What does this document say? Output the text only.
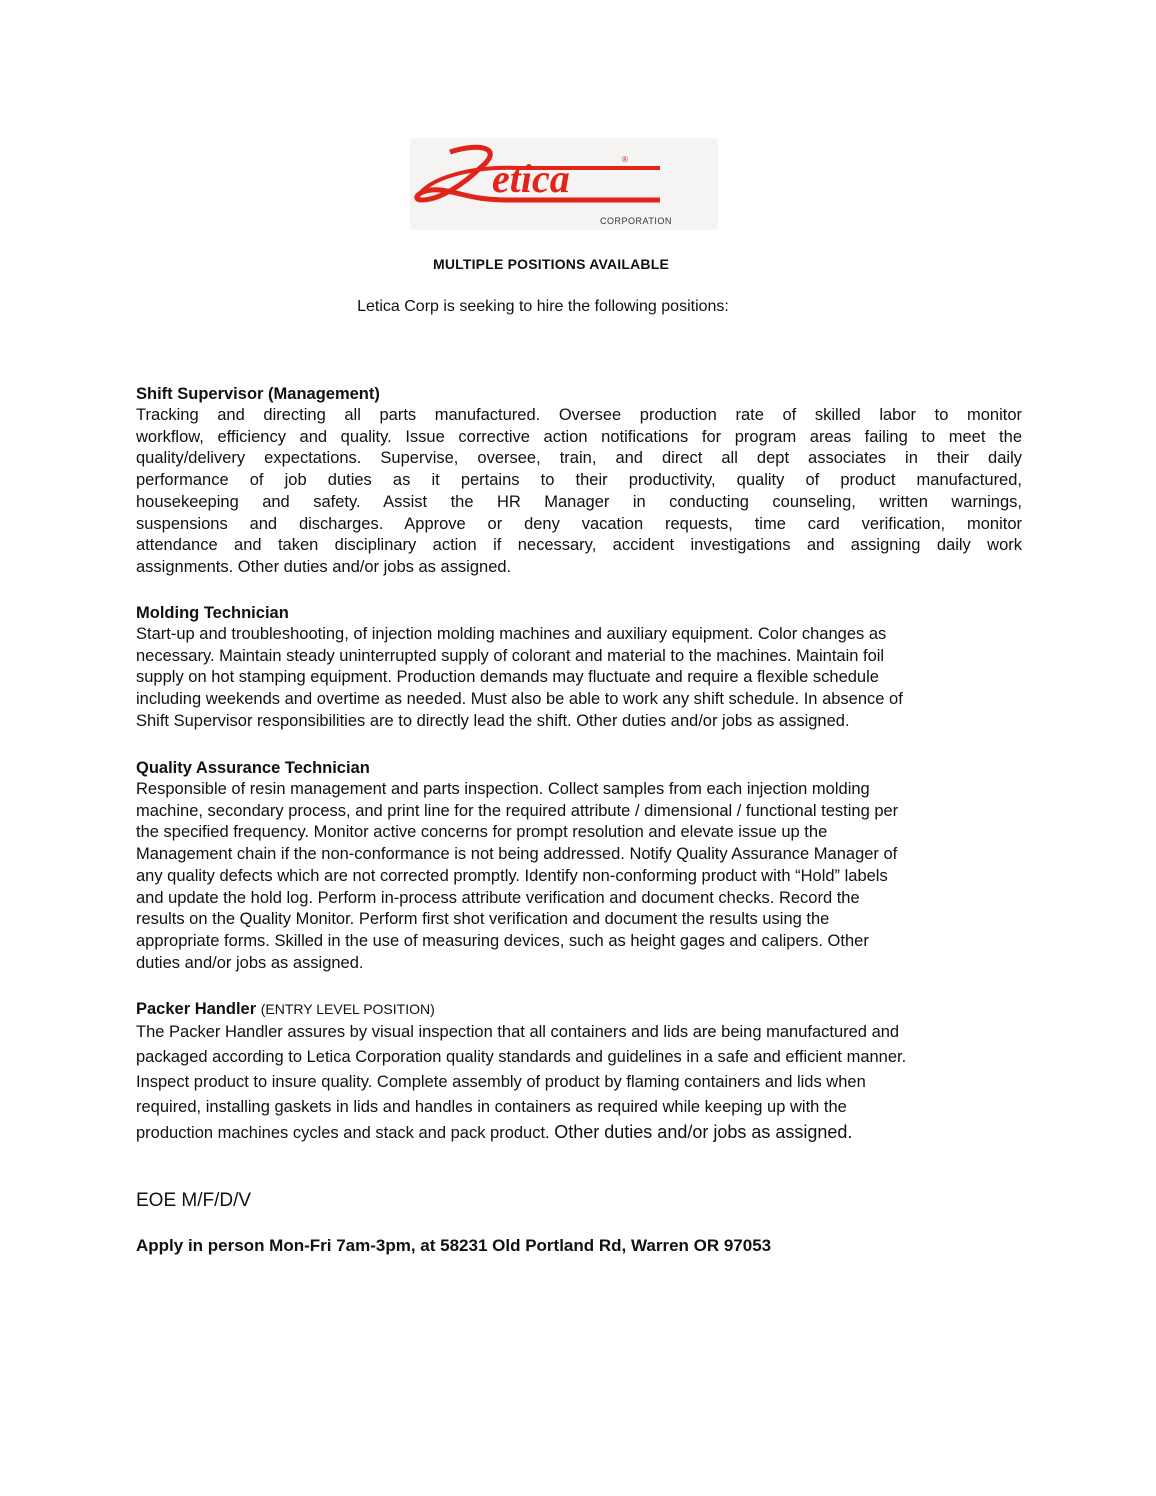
etica	®
CORPORATION
MULTIPLE POSITIONS AVAILABLE
Letica Corp is seeking to hire the following positions:
Shift Supervisor (Management)
Tracking and directing all parts manufactured. Oversee production rate of skilled labor to monitor
workflow, efficiency and quality. Issue corrective action notifications for program areas failing to meet the
quality/delivery expectations. Supervise, oversee, train, and direct all dept associates in their daily
performance of job duties as it pertains to their productivity, quality of product manufactured,
housekeeping and safety. Assist the HR Manager in conducting counseling, written warnings,
suspensions and discharges. Approve or deny vacation requests, time card verification, monitor
attendance and taken disciplinary action if necessary, accident investigations and assigning daily work
assignments. Other duties and/or jobs as assigned.
Molding Technician
Start-up and troubleshooting, of injection molding machines and auxiliary equipment. Color changes as
necessary. Maintain steady uninterrupted supply of colorant and material to the machines. Maintain foil
supply on hot stamping equipment. Production demands may fluctuate and require a flexible schedule
including weekends and overtime as needed. Must also be able to work any shift schedule. In absence of
Shift Supervisor responsibilities are to directly lead the shift. Other duties and/or jobs as assigned.
Quality Assurance Technician
Responsible of resin management and parts inspection. Collect samples from each injection molding
machine, secondary process, and print line for the required attribute / dimensional / functional testing per
the specified frequency. Monitor active concerns for prompt resolution and elevate issue up the
Management chain if the non-conformance is not being addressed. Notify Quality Assurance Manager of
any quality defects which are not corrected promptly. Identify non-conforming product with “Hold” labels
and update the hold log. Perform in-process attribute verification and document checks. Record the
results on the Quality Monitor. Perform first shot verification and document the results using the
appropriate forms. Skilled in the use of measuring devices, such as height gages and calipers. Other
duties and/or jobs as assigned.
Packer Handler (ENTRY LEVEL POSITION)
The Packer Handler assures by visual inspection that all containers and lids are being manufactured and
packaged according to Letica Corporation quality standards and guidelines in a safe and efficient manner.
Inspect product to insure quality. Complete assembly of product by flaming containers and lids when
required, installing gaskets in lids and handles in containers as required while keeping up with the
production machines cycles and stack and pack product. Other duties and/or jobs as assigned.
EOE M/F/D/V
Apply in person Mon-Fri 7am-3pm, at 58231 Old Portland Rd, Warren OR 97053
